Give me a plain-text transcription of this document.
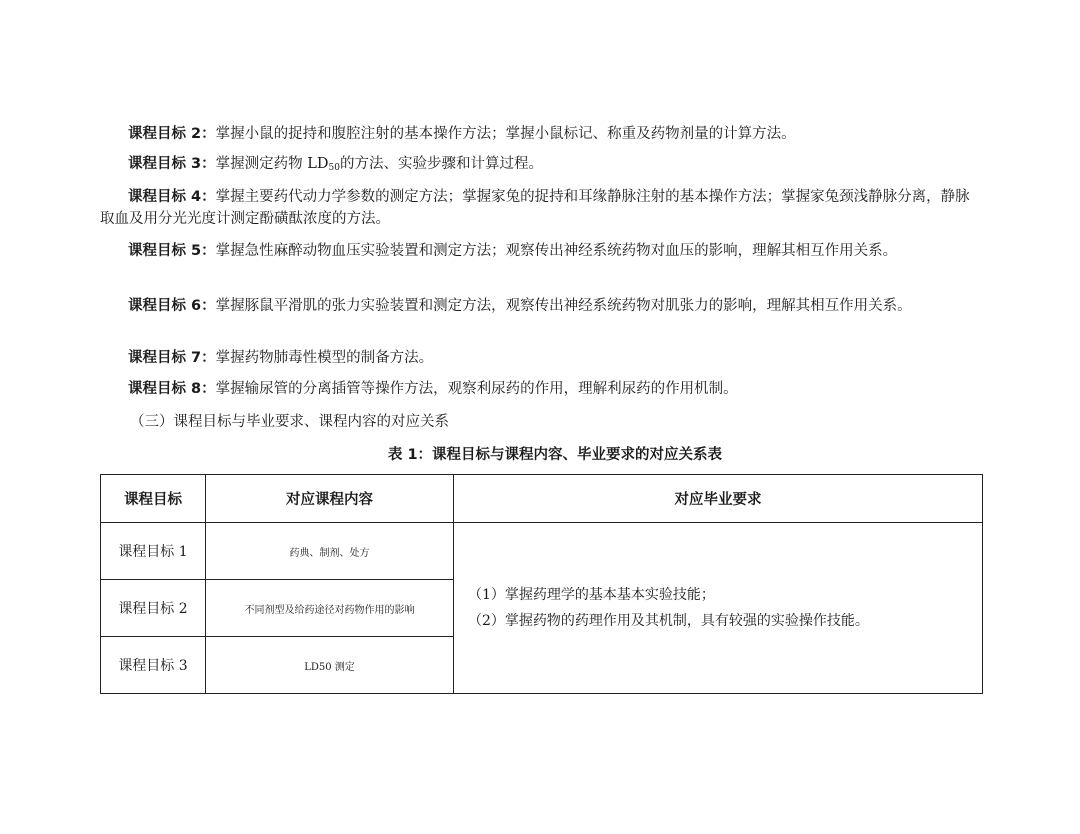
课程目标 2：掌握小鼠的捉持和腹腔注射的基本操作方法；掌握小鼠标记、称重及药物剂量的计算方法。
课程目标 3：掌握测定药物 $LD_{50}$的方法、实验步骤和计算过程。
课程目标 4：掌握主要药代动力学参数的测定方法；掌握家兔的捉持和耳缘静脉注射的基本操作方法；掌握家兔颈浅静脉分离，静脉取血及用分光光度计测定酚磺酞浓度的方法。
课程目标 5：掌握急性麻醉动物血压实验装置和测定方法；观察传出神经系统药物对血压的影响，理解其相互作用关系。
课程目标 6：掌握豚鼠平滑肌的张力实验装置和测定方法，观察传出神经系统药物对肌张力的影响，理解其相互作用关系。
课程目标 7：掌握药物肺毒性模型的制备方法。
课程目标 8：掌握输尿管的分离插管等操作方法，观察利尿药的作用，理解利尿药的作用机制。
（三）课程目标与毕业要求、课程内容的对应关系
表 1：课程目标与课程内容、毕业要求的对应关系表
课程目标	对应课程内容	对应毕业要求
课程目标 1	药典、制剂、处方	（1）掌握药理学的基本基本实验技能；
（2）掌握药物的药理作用及其机制，具有较强的实验操作技能。

课程目标 2	不同剂型及给药途径对药物作用的影响	
课程目标 3	LD50 测定	
